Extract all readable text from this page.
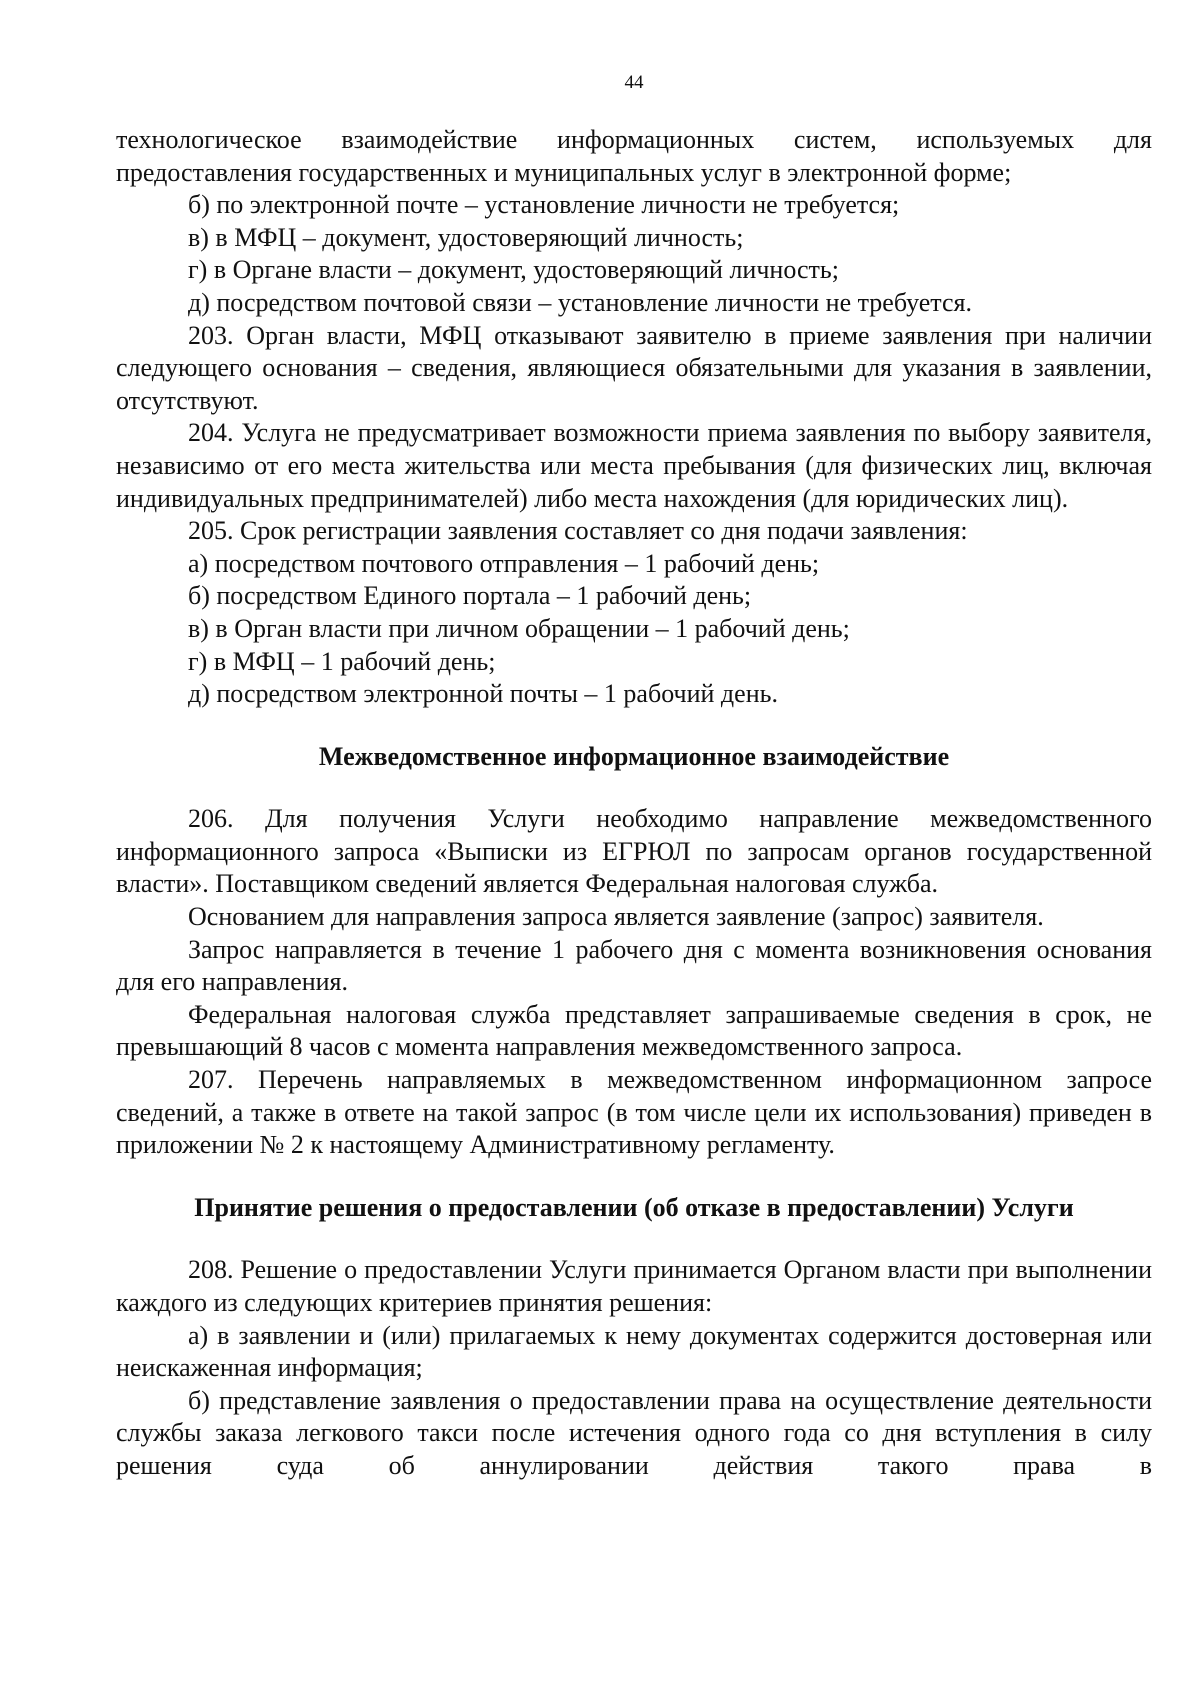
44

технологическое взаимодействие информационных систем, используемых для предоставления государственных и муниципальных услуг в электронной форме;

б) по электронной почте – установление личности не требуется;

в) в МФЦ – документ, удостоверяющий личность;

г) в Органе власти – документ, удостоверяющий личность;

д) посредством почтовой связи – установление личности не требуется.

203. Орган власти, МФЦ отказывают заявителю в приеме заявления при наличии следующего основания – сведения, являющиеся обязательными для указания в заявлении, отсутствуют.

204. Услуга не предусматривает возможности приема заявления по выбору заявителя, независимо от его места жительства или места пребывания (для физических лиц, включая индивидуальных предпринимателей) либо места нахождения (для юридических лиц).

205. Срок регистрации заявления составляет со дня подачи заявления:

а) посредством почтового отправления – 1 рабочий день;

б) посредством Единого портала – 1 рабочий день;

в) в Орган власти при личном обращении – 1 рабочий день;

г) в МФЦ – 1 рабочий день;

д) посредством электронной почты – 1 рабочий день.

Межведомственное информационное взаимодействие

206. Для получения Услуги необходимо направление межведомственного информационного запроса «Выписки из ЕГРЮЛ по запросам органов государственной власти». Поставщиком сведений является Федеральная налоговая служба.

Основанием для направления запроса является заявление (запрос) заявителя.

Запрос направляется в течение 1 рабочего дня с момента возникновения основания для его направления.

Федеральная налоговая служба представляет запрашиваемые сведения в срок, не превышающий 8 часов с момента направления межведомственного запроса.

207. Перечень направляемых в межведомственном информационном запросе сведений, а также в ответе на такой запрос (в том числе цели их использования) приведен в приложении № 2 к настоящему Административному регламенту.

Принятие решения о предоставлении (об отказе в предоставлении) Услуги

208. Решение о предоставлении Услуги принимается Органом власти при выполнении каждого из следующих критериев принятия решения:

а) в заявлении и (или) прилагаемых к нему документах содержится достоверная или неискаженная информация;

б) представление заявления о предоставлении права на осуществление деятельности службы заказа легкового такси после истечения одного года со дня вступления в силу решения суда об аннулировании действия такого права в
